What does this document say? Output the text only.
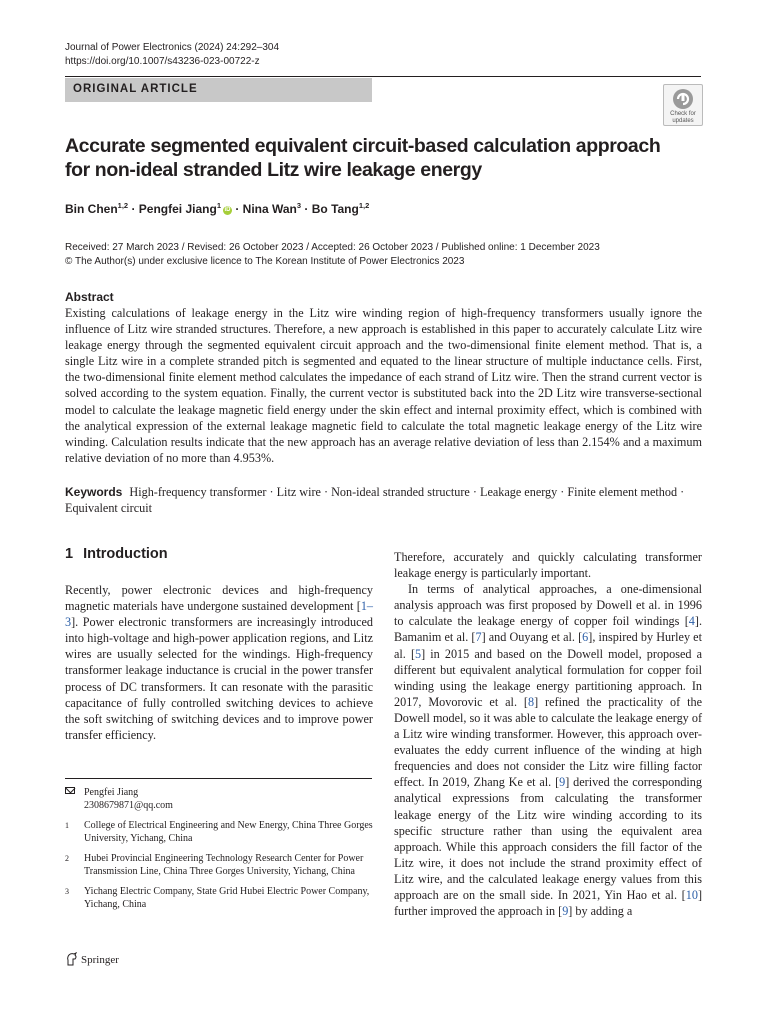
Journal of Power Electronics (2024) 24:292–304
https://doi.org/10.1007/s43236-023-00722-z
ORIGINAL ARTICLE
Check for
updates
Accurate segmented equivalent circuit-based calculation approach for non-ideal stranded Litz wire leakage energy
Bin Chen$^{1,2}$ · Pengfei Jiang$^1$ iD · Nina Wan$^3$ · Bo Tang$^{1,2}$
Received: 27 March 2023 / Revised: 26 October 2023 / Accepted: 26 October 2023 / Published online: 1 December 2023
© The Author(s) under exclusive licence to The Korean Institute of Power Electronics 2023
Abstract
Existing calculations of leakage energy in the Litz wire winding region of high-frequency transformers usually ignore the influence of Litz wire stranded structures. Therefore, a new approach is established in this paper to accurately calculate Litz wire leakage energy through the segmented equivalent circuit approach and the two-dimensional finite element method. That is, a single Litz wire in a complete stranded pitch is segmented and equated to the linear structure of multiple inductance cells. First, the two-dimensional finite element method calculates the impedance of each strand of Litz wire. Then the strand current vector is solved according to the system equation. Finally, the current vector is substituted back into the 2D Litz wire transverse-sectional model to calculate the leakage magnetic field energy under the skin effect and internal proximity effect, which is combined with the analytical expression of the external leakage magnetic field to calculate the total magnetic leakage energy of the Litz wire winding. Calculation results indicate that the new approach has an average relative deviation of less than 2.154% and a maximum relative deviation of no more than 4.953%.
Keywords High-frequency transformer · Litz wire · Non-ideal stranded structure · Leakage energy · Finite element method · Equivalent circuit
1 Introduction

Recently, power electronic devices and high-frequency magnetic materials have undergone sustained development [1–3]. Power electronic transformers are increasingly introduced into high-voltage and high-power application regions, and Litz wires are usually selected for the windings. High-frequency transformer leakage inductance is crucial in the power transfer process of DC transformers. It can resonate with the parasitic capacitance of fully controlled switching devices to achieve the soft switching of switching devices and to improve power transfer efficiency.

Therefore, accurately and quickly calculating transformer leakage energy is particularly important.

In terms of analytical approaches, a one-dimensional analysis approach was first proposed by Dowell et al. in 1996 to calculate the leakage energy of copper foil windings [4]. Bamanim et al. [7] and Ouyang et al. [6], inspired by Hurley et al. [5] in 2015 and based on the Dowell model, proposed a different but equivalent analytical formulation for copper foil winding using the leakage energy partitioning approach. In 2017, Movorovic et al. [8] refined the practicality of the Dowell model, so it was able to calculate the leakage energy of a Litz wire winding transformer. However, this approach over-evaluates the eddy current influence of the winding at high frequencies and does not consider the Litz wire filling factor effect. In 2019, Zhang Ke et al. [9] derived the corresponding analytical expressions from calculating the transformer leakage energy of the Litz wire winding according to its specific structure rather than using the equivalent area approach. While this approach considers the fill factor of the Litz wire, it does not include the strand proximity effect of Litz wire, and the calculated leakage energy values from this approach are on the small side. In 2021, Yin Hao et al. [10] further improved the approach in [9] by adding a

Pengfei Jiang
2308679871@qq.com
1 College of Electrical Engineering and New Energy, China Three Gorges University, Yichang, China
2 Hubei Provincial Engineering Technology Research Center for Power Transmission Line, China Three Gorges University, Yichang, China
3 Yichang Electric Company, State Grid Hubei Electric Power Company, Yichang, China
Springer
